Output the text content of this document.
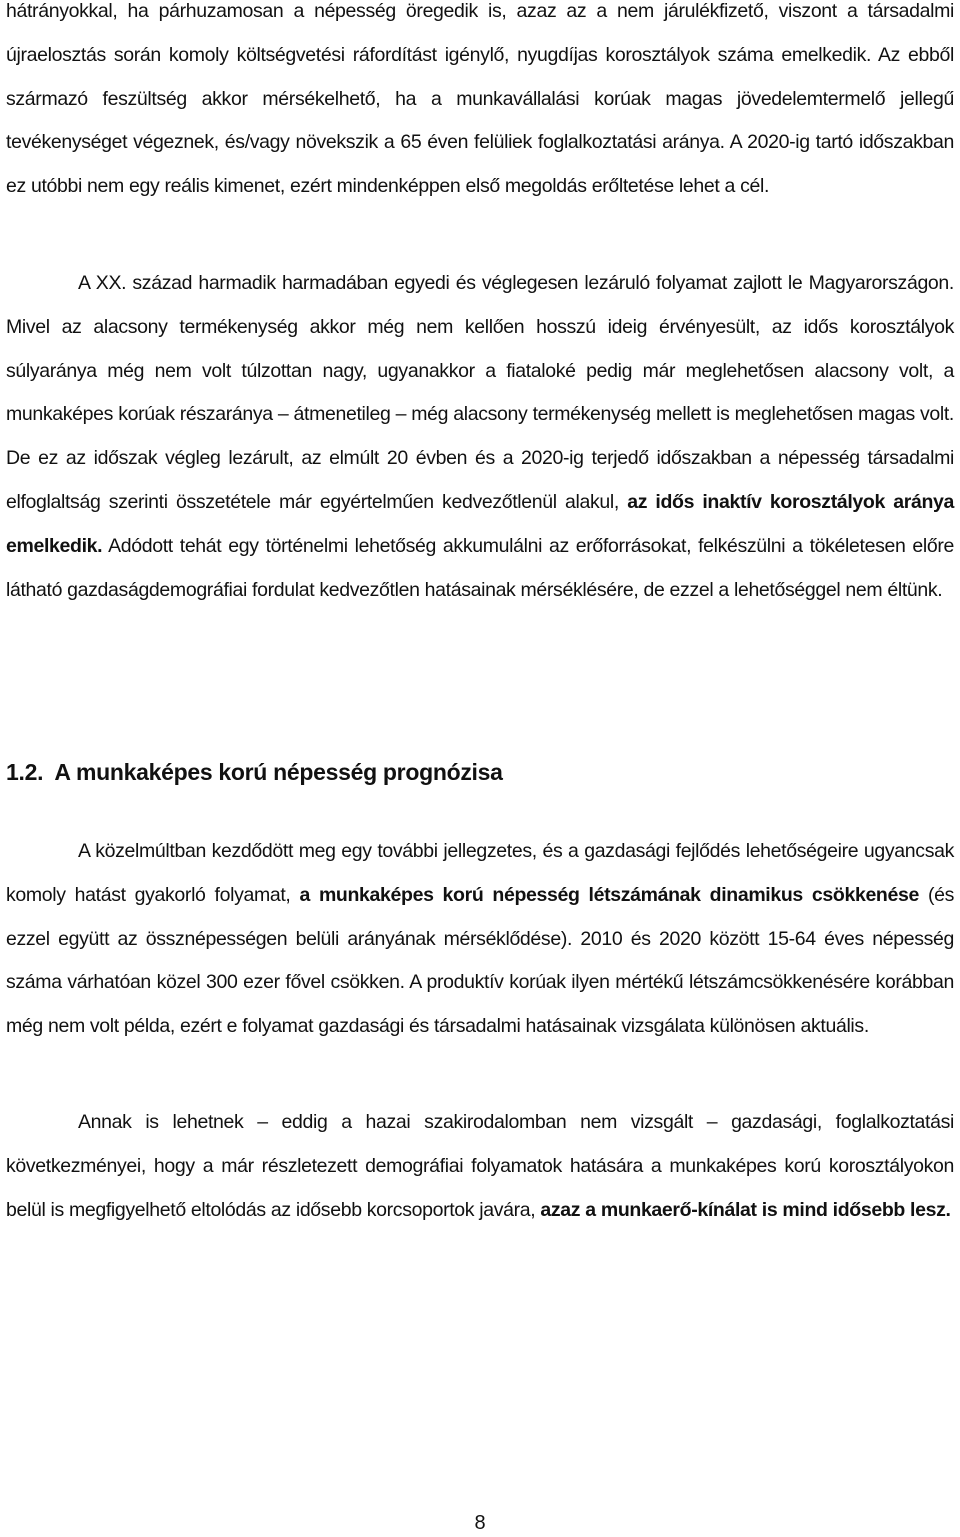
hátrányokkal, ha párhuzamosan a népesség öregedik is, azaz az a nem járulékfizető, viszont a társadalmi újraelosztás során komoly költségvetési ráfordítást igénylő, nyugdíjas korosztályok száma emelkedik. Az ebből származó feszültség akkor mérsékelhető, ha a munkavállalási korúak magas jövedelemtermelő jellegű tevékenységet végeznek, és/vagy növekszik a 65 éven felüliek foglalkoztatási aránya. A 2020-ig tartó időszakban ez utóbbi nem egy reális kimenet, ezért mindenképpen első megoldás erőltetése lehet a cél.

A XX. század harmadik harmadában egyedi és véglegesen lezáruló folyamat zajlott le Magyarországon. Mivel az alacsony termékenység akkor még nem kellően hosszú ideig érvényesült, az idős korosztályok súlyaránya még nem volt túlzottan nagy, ugyanakkor a fiataloké pedig már meglehetősen alacsony volt, a munkaképes korúak részaránya – átmenetileg – még alacsony termékenység mellett is meglehetősen magas volt. De ez az időszak végleg lezárult, az elmúlt 20 évben és a 2020-ig terjedő időszakban a népesség társadalmi elfoglaltság szerinti összetétele már egyértelműen kedvezőtlenül alakul, az idős inaktív korosztályok aránya emelkedik. Adódott tehát egy történelmi lehetőség akkumulálni az erőforrásokat, felkészülni a tökéletesen előre látható gazdaságdemográfiai fordulat kedvezőtlen hatásainak mérséklésére, de ezzel a lehetőséggel nem éltünk.

1.2. A munkaképes korú népesség prognózisa

A közelmúltban kezdődött meg egy további jellegzetes, és a gazdasági fejlődés lehetőségeire ugyancsak komoly hatást gyakorló folyamat, a munkaképes korú népesség létszámának dinamikus csökkenése (és ezzel együtt az össznépességen belüli arányának mérséklődése). 2010 és 2020 között 15-64 éves népesség száma várhatóan közel 300 ezer fővel csökken. A produktív korúak ilyen mértékű létszámcsökkenésére korábban még nem volt példa, ezért e folyamat gazdasági és társadalmi hatásainak vizsgálata különösen aktuális.

Annak is lehetnek – eddig a hazai szakirodalomban nem vizsgált – gazdasági, foglalkoztatási következményei, hogy a már részletezett demográfiai folyamatok hatására a munkaképes korú korosztályokon belül is megfigyelhető eltolódás az idősebb korcsoportok javára, azaz a munkaerő-kínálat is mind idősebb lesz.

8
